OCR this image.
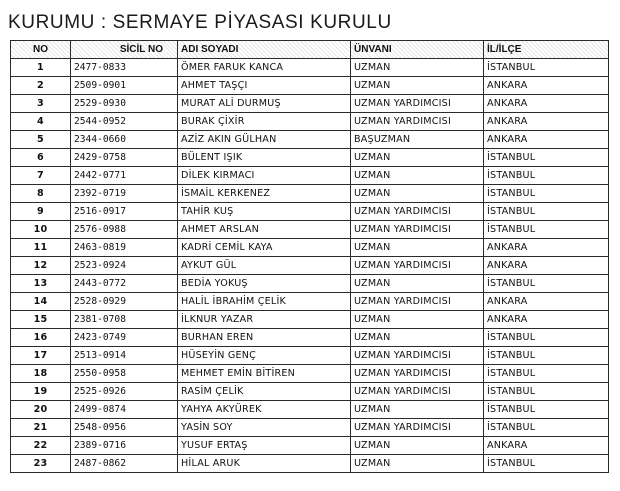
KURUMU : SERMAYE PİYASASI KURULU
NO	SİCİL NO	ADI SOYADI	ÜNVANI	İL/İLÇE
1	2477-0833	ÖMER FARUK KANCA	UZMAN	İSTANBUL
2	2509-0901	AHMET TAŞÇI	UZMAN	ANKARA
3	2529-0930	MURAT ALİ DURMUŞ	UZMAN YARDIMCISI	ANKARA
4	2544-0952	BURAK ÇİXİR	UZMAN YARDIMCISI	ANKARA
5	2344-0660	AZİZ AKIN GÜLHAN	BAŞUZMAN	ANKARA
6	2429-0758	BÜLENT IŞIK	UZMAN	İSTANBUL
7	2442-0771	DİLEK KIRMACI	UZMAN	İSTANBUL
8	2392-0719	İSMAİL KERKENEZ	UZMAN	İSTANBUL
9	2516-0917	TAHİR KUŞ	UZMAN YARDIMCISI	İSTANBUL
10	2576-0988	AHMET ARSLAN	UZMAN YARDIMCISI	İSTANBUL
11	2463-0819	KADRİ CEMİL KAYA	UZMAN	ANKARA
12	2523-0924	AYKUT GÜL	UZMAN YARDIMCISI	ANKARA
13	2443-0772	BEDİA YOKUŞ	UZMAN	İSTANBUL
14	2528-0929	HALİL İBRAHİM ÇELİK	UZMAN YARDIMCISI	ANKARA
15	2381-0708	İLKNUR YAZAR	UZMAN	ANKARA
16	2423-0749	BURHAN EREN	UZMAN	İSTANBUL
17	2513-0914	HÜSEYİN GENÇ	UZMAN YARDIMCISI	İSTANBUL
18	2550-0958	MEHMET EMİN BİTİREN	UZMAN YARDIMCISI	İSTANBUL
19	2525-0926	RASİM ÇELİK	UZMAN YARDIMCISI	İSTANBUL
20	2499-0874	YAHYA AKYÜREK	UZMAN	İSTANBUL
21	2548-0956	YASİN SOY	UZMAN YARDIMCISI	İSTANBUL
22	2389-0716	YUSUF ERTAŞ	UZMAN	ANKARA
23	2487-0862	HİLAL ARUK	UZMAN	İSTANBUL
